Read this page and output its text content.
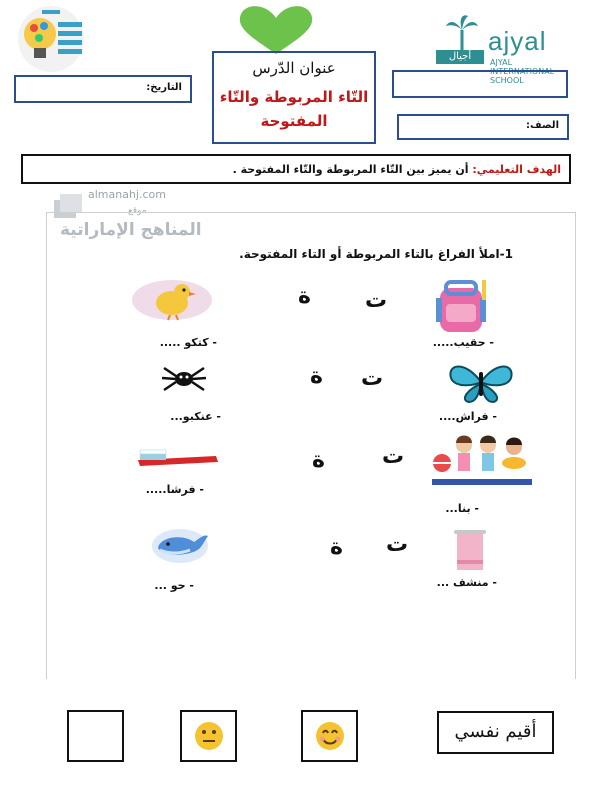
أجيال
ajyal
AJYAL INTERNATIONAL SCHOOL
التاريخ:
عنوان الدّرس
التّاء المربوطة والتّاء المفتوحة	الصف:
الهدف التعليمي: أن يميز بين التّاء المربوطة والتّاء المفتوحة .
almanahj.com
موقع
المناهج الإماراتية
1-املأ الفراغ بالتاء المربوطة أو التاء المفتوحة.
ت
ة
- حقيب.....
- كتكو .....
ت
ة
- فراش....
- عنكبو...
ت
ة
- فرشا.....
- بنا...
ت
ة
- منشف ...
- حو ...
أقيم نفسي
